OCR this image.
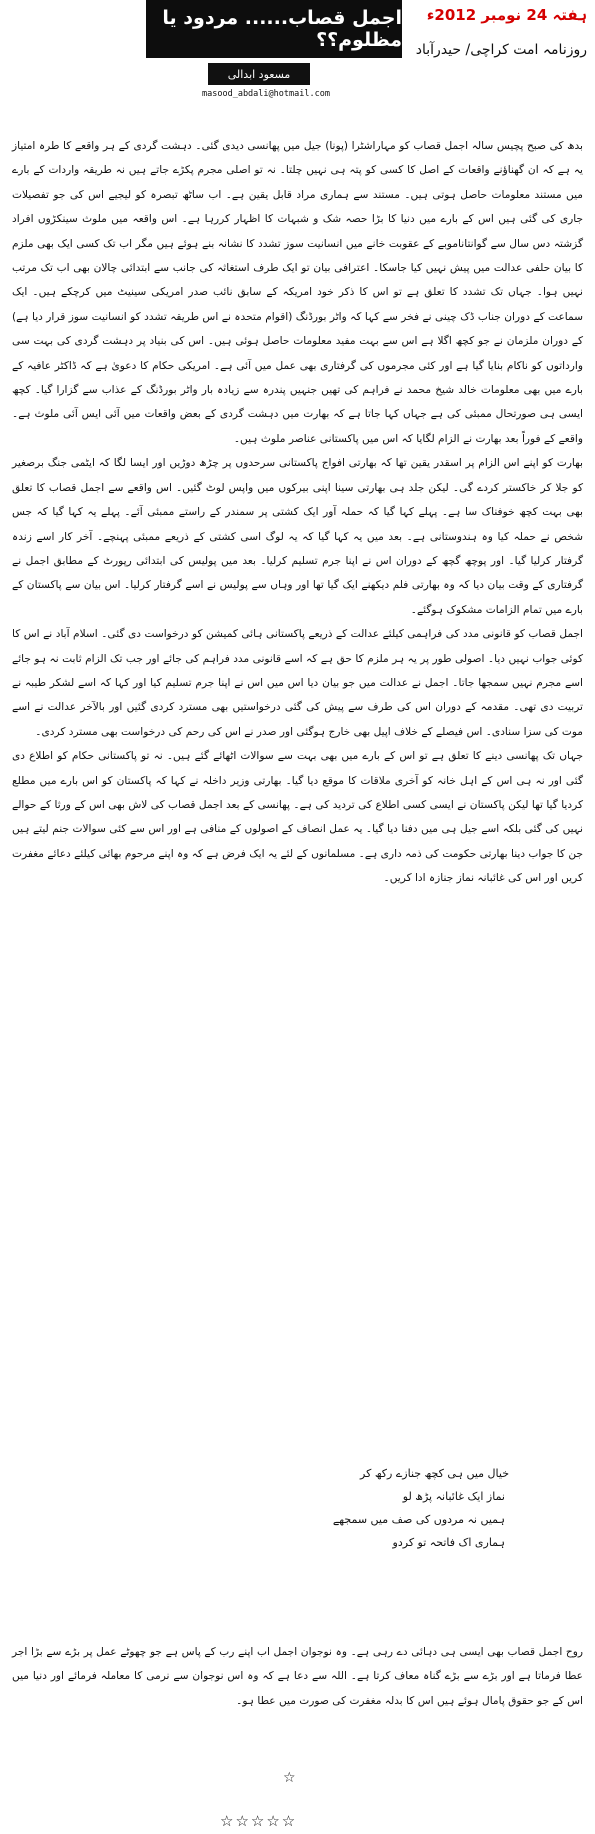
ہفتہ 24 نومبر 2012ء
روزنامہ امت کراچی/ حیدرآباد
اجمل قصاب...... مردود یا مظلوم؟؟
مسعود ابدالی
masood_abdali@hotmail.com

بدھ کی صبح پچیس سالہ اجمل قصاب کو مہاراشٹرا (پونا) جیل میں پھانسی دیدی گئی۔ دہشت گردی کے ہر واقعے کا طرہ امتیاز یہ ہے کہ ان گھناؤنے واقعات کے اصل کا کسی کو پتہ ہی نہیں چلتا۔ نہ تو اصلی مجرم پکڑے جاتے ہیں نہ طریقہ واردات کے بارے میں مستند معلومات حاصل ہوتی ہیں۔ مستند سے ہماری مراد قابل یقین ہے۔ اب ساٹھ تبصرہ کو لیجیے اس کی جو تفصیلات جاری کی گئی ہیں اس کے بارے میں دنیا کا بڑا حصہ شک و شبہات کا اظہار کررہا ہے۔ اس واقعہ میں ملوث سینکڑوں افراد گزشتہ دس سال سے گوانتاناموبے کے عقوبت خانے میں انسانیت سوز تشدد کا نشانہ بنے ہوئے ہیں مگر اب تک کسی ایک بھی ملزم کا بیان حلفی عدالت میں پیش نہیں کیا جاسکا۔ اعترافی بیان تو ایک طرف استغاثہ کی جانب سے ابتدائی چالان بھی اب تک مرتب نہیں ہوا۔ جہاں تک تشدد کا تعلق ہے تو اس کا ذکر خود امریکہ کے سابق نائب صدر امریکی سینیٹ میں کرچکے ہیں۔ ایک سماعت کے دوران جناب ڈک چینی نے فخر سے کہا کہ واٹر بورڈنگ (اقوام متحدہ نے اس طریقہ تشدد کو انسانیت سوز قرار دیا ہے) کے دوران ملزمان نے جو کچھ اگلا ہے اس سے بہت مفید معلومات حاصل ہوئی ہیں۔ اس کی بنیاد پر دہشت گردی کی بہت سی وارداتوں کو ناکام بنایا گیا ہے اور کئی مجرموں کی گرفتاری بھی عمل میں آئی ہے۔ امریکی حکام کا دعویٰ ہے کہ ڈاکٹر عافیہ کے بارے میں بھی معلومات خالد شیخ محمد نے فراہم کی تھیں جنہیں پندرہ سے زیادہ بار واٹر بورڈنگ کے عذاب سے گزارا گیا۔ کچھ ایسی ہی صورتحال ممبئی کی ہے جہاں کہا جاتا ہے کہ بھارت میں دہشت گردی کے بعض واقعات میں آئی ایس آئی ملوث ہے۔ واقعے کے فوراً بعد بھارت نے الزام لگایا کہ اس میں پاکستانی عناصر ملوث ہیں۔

بھارت کو اپنے اس الزام پر اسقدر یقین تھا کہ بھارتی افواج پاکستانی سرحدوں پر چڑھ دوڑیں اور ایسا لگا کہ ایٹمی جنگ برصغیر کو جلا کر خاکستر کردے گی۔ لیکن جلد ہی بھارتی سینا اپنی بیرکوں میں واپس لوٹ گئیں۔ اس واقعے سے اجمل قصاب کا تعلق بھی بہت کچھ خوفناک سا ہے۔ پہلے کہا گیا کہ حملہ آور ایک کشتی پر سمندر کے راستے ممبئی آئے۔ پہلے یہ کہا گیا کہ جس شخص نے حملہ کیا وہ ہندوستانی ہے۔ بعد میں یہ کہا گیا کہ یہ لوگ اسی کشتی کے ذریعے ممبئی پہنچے۔ آخر کار اسے زندہ گرفتار کرلیا گیا۔ اور پوچھ گچھ کے دوران اس نے اپنا جرم تسلیم کرلیا۔ بعد میں پولیس کی ابتدائی رپورٹ کے مطابق اجمل نے گرفتاری کے وقت بیان دیا کہ وہ بھارتی فلم دیکھنے ایک گیا تھا اور وہاں سے پولیس نے اسے گرفتار کرلیا۔ اس بیان سے پاکستان کے بارے میں تمام الزامات مشکوک ہوگئے۔

اجمل قصاب کو قانونی مدد کی فراہمی کیلئے عدالت کے ذریعے پاکستانی ہائی کمیشن کو درخواست دی گئی۔ اسلام آباد نے اس کا کوئی جواب نہیں دیا۔ اصولی طور پر یہ ہر ملزم کا حق ہے کہ اسے قانونی مدد فراہم کی جائے اور جب تک الزام ثابت نہ ہو جائے اسے مجرم نہیں سمجھا جاتا۔ اجمل نے عدالت میں جو بیان دیا اس میں اس نے اپنا جرم تسلیم کیا اور کہا کہ اسے لشکر طیبہ نے تربیت دی تھی۔ مقدمہ کے دوران اس کی طرف سے پیش کی گئی درخواستیں بھی مسترد کردی گئیں اور بالآخر عدالت نے اسے موت کی سزا سنادی۔ اس فیصلے کے خلاف اپیل بھی خارج ہوگئی اور صدر نے اس کی رحم کی درخواست بھی مسترد کردی۔

جہاں تک پھانسی دینے کا تعلق ہے تو اس کے بارے میں بھی بہت سے سوالات اٹھائے گئے ہیں۔ نہ تو پاکستانی حکام کو اطلاع دی گئی اور نہ ہی اس کے اہل خانہ کو آخری ملاقات کا موقع دیا گیا۔ بھارتی وزیر داخلہ نے کہا کہ پاکستان کو اس بارے میں مطلع کردیا گیا تھا لیکن پاکستان نے ایسی کسی اطلاع کی تردید کی ہے۔ پھانسی کے بعد اجمل قصاب کی لاش بھی اس کے ورثا کے حوالے نہیں کی گئی بلکہ اسے جیل ہی میں دفنا دیا گیا۔ یہ عمل انصاف کے اصولوں کے منافی ہے اور اس سے کئی سوالات جنم لیتے ہیں جن کا جواب دینا بھارتی حکومت کی ذمہ داری ہے۔ مسلمانوں کے لئے یہ ایک فرض ہے کہ وہ اپنے مرحوم بھائی کیلئے دعائے مغفرت کریں اور اس کی غائبانہ نماز جنازہ ادا کریں۔

خیال میں ہی کچھ جنازے رکھ کر
نماز ایک غائبانہ پڑھ لو
ہمیں نہ مردوں کی صف میں سمجھے
ہماری اک فاتحہ تو کردو
روح اجمل قصاب بھی ایسی ہی دہائی دے رہی ہے۔ وہ نوجوان اجمل اب اپنے رب کے پاس ہے جو چھوٹے عمل پر بڑے سے بڑا اجر عطا فرماتا ہے اور بڑے سے بڑے گناہ معاف کرتا ہے۔ اللہ سے دعا ہے کہ وہ اس نوجوان سے نرمی کا معاملہ فرمائے اور دنیا میں اس کے جو حقوق پامال ہوئے ہیں اس کا بدلہ مغفرت کی صورت میں عطا ہو۔
☆
☆☆☆☆☆
